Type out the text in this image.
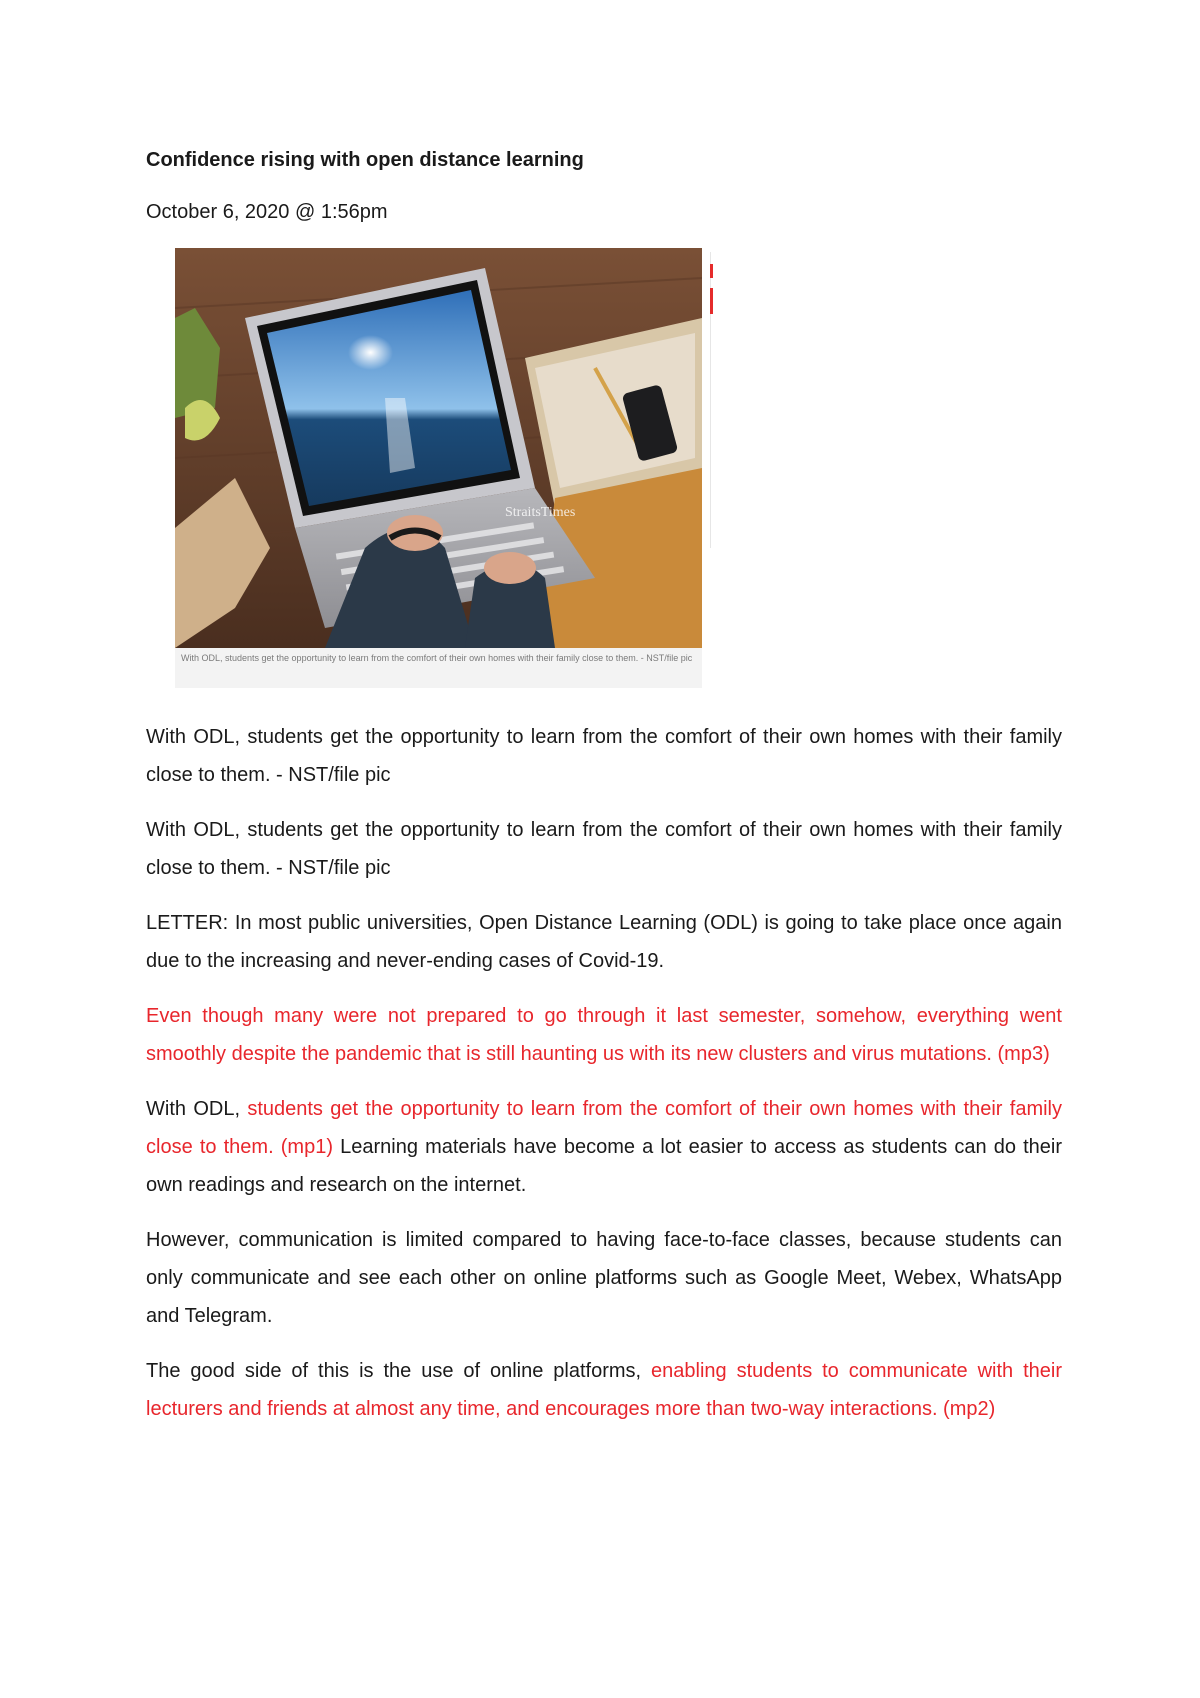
Confidence rising with open distance learning
October 6, 2020 @ 1:56pm
StraitsTimes
With ODL, students get the opportunity to learn from the comfort of their own homes with their family close to them. - NST/file pic

With ODL, students get the opportunity to learn from the comfort of their own homes with their family close to them. - NST/file pic

With ODL, students get the opportunity to learn from the comfort of their own homes with their family close to them. - NST/file pic

LETTER: In most public universities, Open Distance Learning (ODL) is going to take place once again due to the increasing and never-ending cases of Covid-19.

Even though many were not prepared to go through it last semester, somehow, everything went smoothly despite the pandemic that is still haunting us with its new clusters and virus mutations. (mp3)

With ODL, students get the opportunity to learn from the comfort of their own homes with their family close to them. (mp1) Learning materials have become a lot easier to access as students can do their own readings and research on the internet.

However, communication is limited compared to having face-to-face classes, because students can only communicate and see each other on online platforms such as Google Meet, Webex, WhatsApp and Telegram.

The good side of this is the use of online platforms, enabling students to communicate with their lecturers and friends at almost any time, and encourages more than two-way interactions. (mp2)
